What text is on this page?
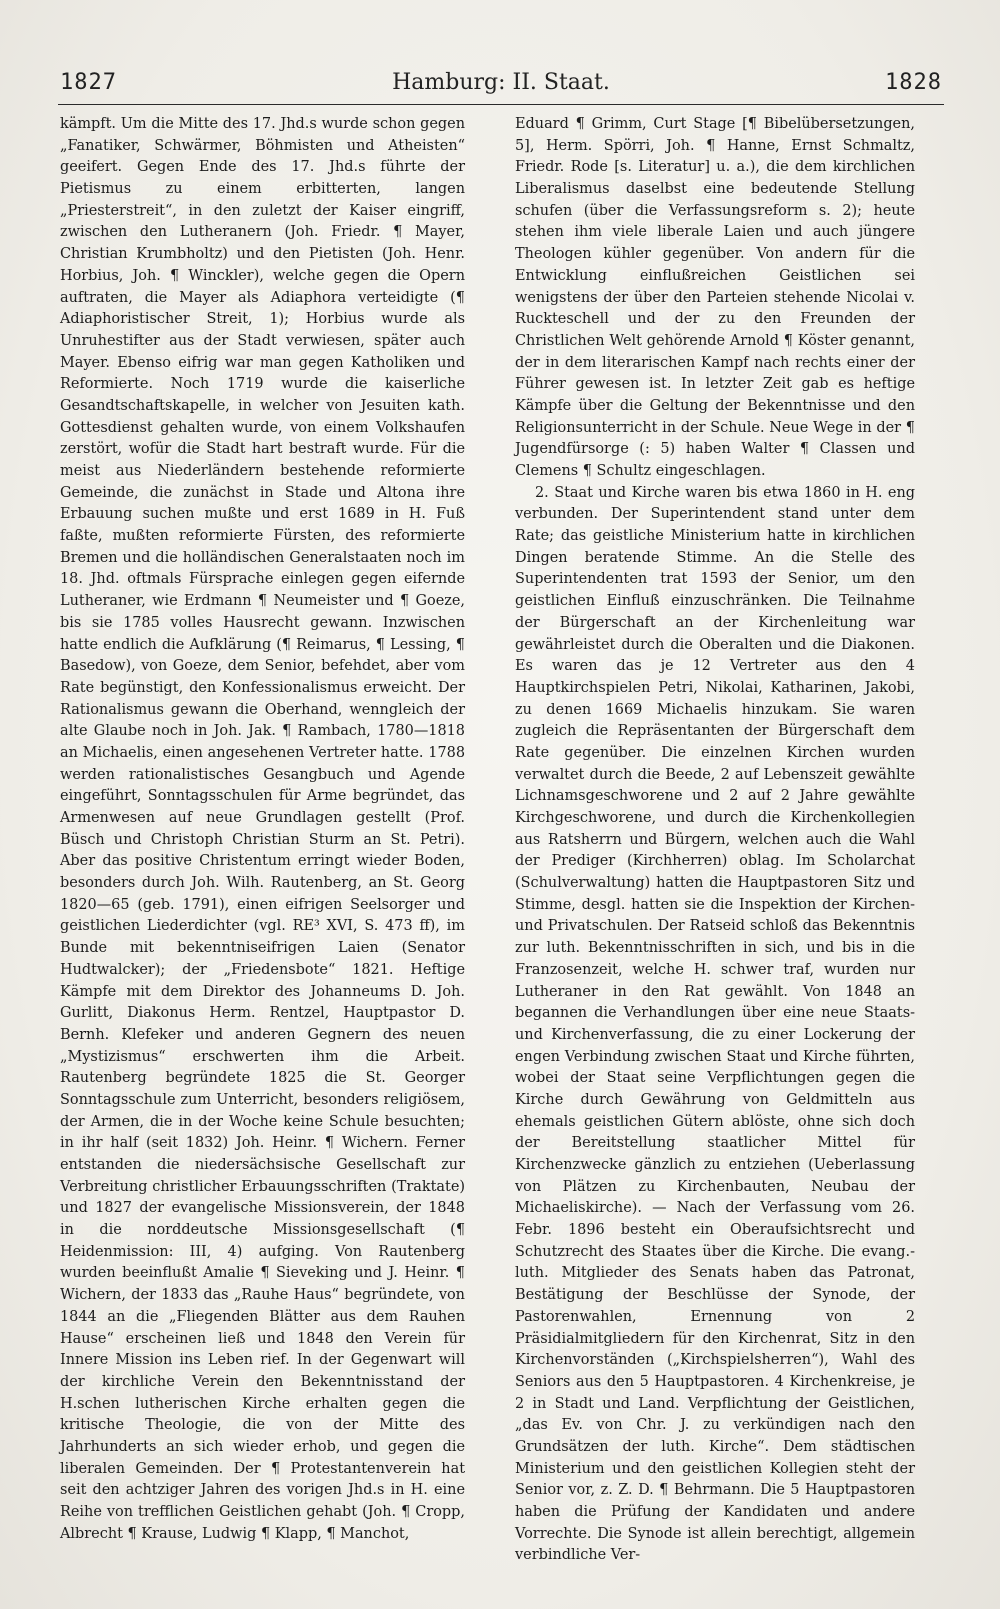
1827	Hamburg: II. Staat.	1828

kämpft. Um die Mitte des 17. Jhd.s wurde schon gegen „Fanatiker, Schwärmer, Böhmisten und Atheisten“ geeifert. Gegen Ende des 17. Jhd.s führte der Pietismus zu einem erbitterten, langen „Priesterstreit“, in den zuletzt der Kaiser eingriff, zwischen den Lutheranern (Joh. Friedr. ¶ Mayer, Christian Krumbholtz) und den Pietisten (Joh. Henr. Horbius, Joh. ¶ Winckler), welche gegen die Opern auftraten, die Mayer als Adiaphora verteidigte (¶ Adiaphoristischer Streit, 1); Horbius wurde als Unruhestifter aus der Stadt verwiesen, später auch Mayer. Ebenso eifrig war man gegen Katholiken und Reformierte. Noch 1719 wurde die kaiserliche Gesandtschaftskapelle, in welcher von Jesuiten kath. Gottesdienst gehalten wurde, von einem Volkshaufen zerstört, wofür die Stadt hart bestraft wurde. Für die meist aus Niederländern bestehende reformierte Gemeinde, die zunächst in Stade und Altona ihre Erbauung suchen mußte und erst 1689 in H. Fuß faßte, mußten reformierte Fürsten, des reformierte Bremen und die holländischen Generalstaaten noch im 18. Jhd. oftmals Fürsprache einlegen gegen eifernde Lutheraner, wie Erdmann ¶ Neumeister und ¶ Goeze, bis sie 1785 volles Hausrecht gewann. Inzwischen hatte endlich die Aufklärung (¶ Reimarus, ¶ Lessing, ¶ Basedow), von Goeze, dem Senior, befehdet, aber vom Rate begünstigt, den Konfessionalismus erweicht. Der Rationalismus gewann die Oberhand, wenngleich der alte Glaube noch in Joh. Jak. ¶ Rambach, 1780—1818 an Michaelis, einen angesehenen Vertreter hatte. 1788 werden rationalistisches Gesangbuch und Agende eingeführt, Sonntagsschulen für Arme begründet, das Armenwesen auf neue Grundlagen gestellt (Prof. Büsch und Christoph Christian Sturm an St. Petri). Aber das positive Christentum erringt wieder Boden, besonders durch Joh. Wilh. Rautenberg, an St. Georg 1820—65 (geb. 1791), einen eifrigen Seelsorger und geistlichen Liederdichter (vgl. RE³ XVI, S. 473 ff), im Bunde mit bekenntniseifrigen Laien (Senator Hudtwalcker); der „Friedensbote“ 1821. Heftige Kämpfe mit dem Direktor des Johanneums D. Joh. Gurlitt, Diakonus Herm. Rentzel, Hauptpastor D. Bernh. Klefeker und anderen Gegnern des neuen „Mystizismus“ erschwerten ihm die Arbeit. Rautenberg begründete 1825 die St. Georger Sonntagsschule zum Unterricht, besonders religiösem, der Armen, die in der Woche keine Schule besuchten; in ihr half (seit 1832) Joh. Heinr. ¶ Wichern. Ferner entstanden die niedersächsische Gesellschaft zur Verbreitung christlicher Erbauungsschriften (Traktate) und 1827 der evangelische Missionsverein, der 1848 in die norddeutsche Missionsgesellschaft (¶ Heidenmission: III, 4) aufging. Von Rautenberg wurden beeinflußt Amalie ¶ Sieveking und J. Heinr. ¶ Wichern, der 1833 das „Rauhe Haus“ begründete, von 1844 an die „Fliegenden Blätter aus dem Rauhen Hause“ erscheinen ließ und 1848 den Verein für Innere Mission ins Leben rief. In der Gegenwart will der kirchliche Verein den Bekenntnisstand der H.schen lutherischen Kirche erhalten gegen die kritische Theologie, die von der Mitte des Jahrhunderts an sich wieder erhob, und gegen die liberalen Gemeinden. Der ¶ Protestantenverein hat seit den achtziger Jahren des vorigen Jhd.s in H. eine Reihe von trefflichen Geistlichen gehabt (Joh. ¶ Cropp, Albrecht ¶ Krause, Ludwig ¶ Klapp, ¶ Manchot,

Eduard ¶ Grimm, Curt Stage [¶ Bibelübersetzungen, 5], Herm. Spörri, Joh. ¶ Hanne, Ernst Schmaltz, Friedr. Rode [s. Literatur] u. a.), die dem kirchlichen Liberalismus daselbst eine bedeutende Stellung schufen (über die Verfassungsreform s. 2); heute stehen ihm viele liberale Laien und auch jüngere Theologen kühler gegenüber. Von andern für die Entwicklung einflußreichen Geistlichen sei wenigstens der über den Parteien stehende Nicolai v. Ruckteschell und der zu den Freunden der Christlichen Welt gehörende Arnold ¶ Köster genannt, der in dem literarischen Kampf nach rechts einer der Führer gewesen ist. In letzter Zeit gab es heftige Kämpfe über die Geltung der Bekenntnisse und den Religionsunterricht in der Schule. Neue Wege in der ¶ Jugendfürsorge (: 5) haben Walter ¶ Classen und Clemens ¶ Schultz eingeschlagen.

2. Staat und Kirche waren bis etwa 1860 in H. eng verbunden. Der Superintendent stand unter dem Rate; das geistliche Ministerium hatte in kirchlichen Dingen beratende Stimme. An die Stelle des Superintendenten trat 1593 der Senior, um den geistlichen Einfluß einzuschränken. Die Teilnahme der Bürgerschaft an der Kirchenleitung war gewährleistet durch die Oberalten und die Diakonen. Es waren das je 12 Vertreter aus den 4 Hauptkirchspielen Petri, Nikolai, Katharinen, Jakobi, zu denen 1669 Michaelis hinzukam. Sie waren zugleich die Repräsentanten der Bürgerschaft dem Rate gegenüber. Die einzelnen Kirchen wurden verwaltet durch die Beede, 2 auf Lebenszeit gewählte Lichnamsgeschworene und 2 auf 2 Jahre gewählte Kirchgeschworene, und durch die Kirchenkollegien aus Ratsherrn und Bürgern, welchen auch die Wahl der Prediger (Kirchherren) oblag. Im Scholarchat (Schulverwaltung) hatten die Hauptpastoren Sitz und Stimme, desgl. hatten sie die Inspektion der Kirchen- und Privatschulen. Der Ratseid schloß das Bekenntnis zur luth. Bekenntnisschriften in sich, und bis in die Franzosenzeit, welche H. schwer traf, wurden nur Lutheraner in den Rat gewählt. Von 1848 an begannen die Verhandlungen über eine neue Staats- und Kirchenverfassung, die zu einer Lockerung der engen Verbindung zwischen Staat und Kirche führten, wobei der Staat seine Verpflichtungen gegen die Kirche durch Gewährung von Geldmitteln aus ehemals geistlichen Gütern ablöste, ohne sich doch der Bereitstellung staatlicher Mittel für Kirchenzwecke gänzlich zu entziehen (Ueberlassung von Plätzen zu Kirchenbauten, Neubau der Michaeliskirche). — Nach der Verfassung vom 26. Febr. 1896 besteht ein Oberaufsichtsrecht und Schutzrecht des Staates über die Kirche. Die evang.-luth. Mitglieder des Senats haben das Patronat, Bestätigung der Beschlüsse der Synode, der Pastorenwahlen, Ernennung von 2 Präsidialmitgliedern für den Kirchenrat, Sitz in den Kirchenvorständen („Kirchspielsherren“), Wahl des Seniors aus den 5 Hauptpastoren. 4 Kirchenkreise, je 2 in Stadt und Land. Verpflichtung der Geistlichen, „das Ev. von Chr. J. zu verkündigen nach den Grundsätzen der luth. Kirche“. Dem städtischen Ministerium und den geistlichen Kollegien steht der Senior vor, z. Z. D. ¶ Behrmann. Die 5 Hauptpastoren haben die Prüfung der Kandidaten und andere Vorrechte. Die Synode ist allein berechtigt, allgemein verbindliche Ver-
